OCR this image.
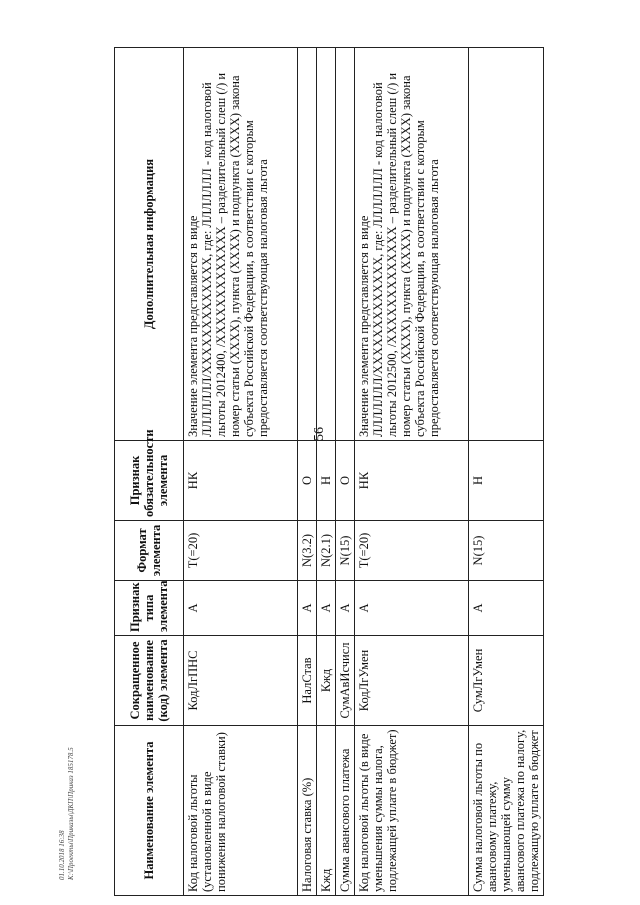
56
Наименование элемента	Сокращенное наименование (код) элемента	Признак типа элемента	Формат элемента	Признак обязательности элемента	Дополнительная информация
Код налоговой льготы (установленной в виде понижения налоговой ставки)	КодЛгПНС	А	T(=20)	НК	Значение элемента представляется в виде ЛЛЛЛЛЛЛ/XXXXXXXXXXXXX, где: ЛЛЛЛЛЛЛ - код налоговой льготы 2012400, /XXXXXXXXXXXXX – разделительный слеш (/) и номер статьи (XXXX), пункта (XXXX) и подпункта (XXXX) закона субъекта Российской Федерации, в соответствии с которым предоставляется соответствующая налоговая льгота
Налоговая ставка (%)	НалСтав	А	N(3.2)	О	
Кжд	Кжд	А	N(2.1)	Н	
Сумма авансового платежа	СумАвИсчисл	А	N(15)	О	
Код налоговой льготы (в виде уменьшения суммы налога, подлежащей уплате в бюджет)	КодЛгУмен	А	T(=20)	НК	Значение элемента представляется в виде ЛЛЛЛЛЛЛ/XXXXXXXXXXXXX, где: ЛЛЛЛЛЛЛ - код налоговой льготы 2012500, /XXXXXXXXXXXXX – разделительный слеш (/) и номер статьи (XXXX), пункта (XXXX) и подпункта (XXXX) закона субъекта Российской Федерации, в соответствии с которым предоставляется соответствующая налоговая льгота
Сумма налоговой льготы по авансовому платежу, уменьшающей сумму авансового платежа по налогу, подлежащую уплате в бюджет	СумЛгУмен	А	N(15)	Н	
01.10.2018 16:38 К:\Проекты\Приказы\ДКП\Приказ 185178.5
